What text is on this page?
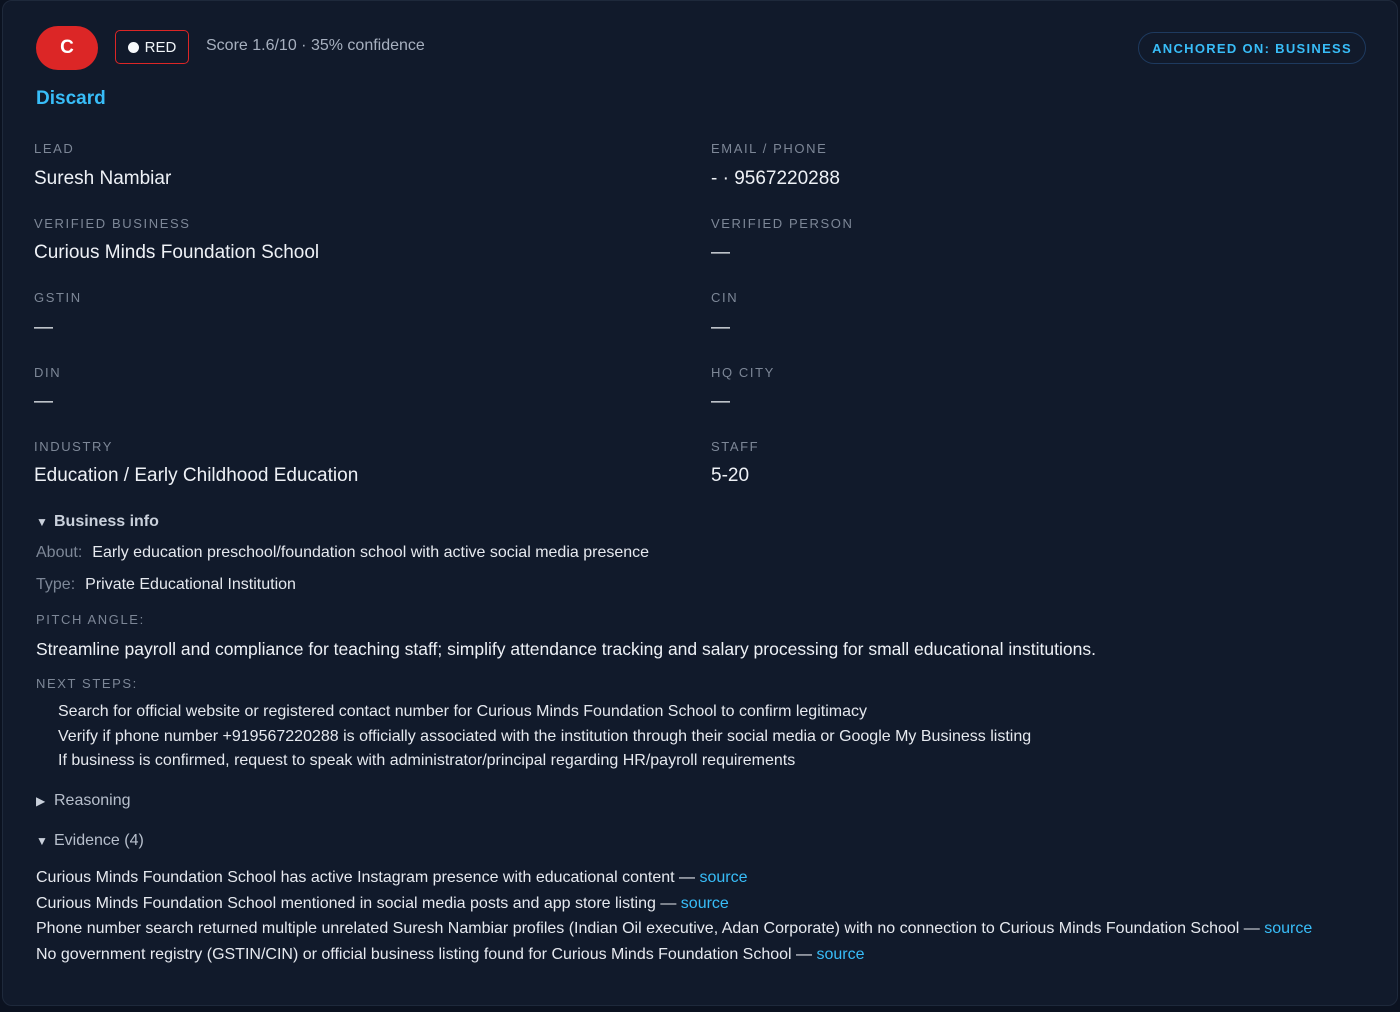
C	RED Score 1.6/10 · 35% confidence	ANCHORED ON: BUSINESS
Discard
LEAD
Suresh Nambiar
EMAIL / PHONE
- · 9567220288
VERIFIED BUSINESS
Curious Minds Foundation School
VERIFIED PERSON
—
GSTIN
—
CIN
—
DIN
—
HQ CITY
—
INDUSTRY
Education / Early Childhood Education
STAFF
5-20
▼ Business info
About: Early education preschool/foundation school with active social media presence
Type: Private Educational Institution
PITCH ANGLE:
Streamline payroll and compliance for teaching staff; simplify attendance tracking and salary processing for small educational institutions.
NEXT STEPS:
Search for official website or registered contact number for Curious Minds Foundation School to confirm legitimacy
Verify if phone number +919567220288 is officially associated with the institution through their social media or Google My Business listing
If business is confirmed, request to speak with administrator/principal regarding HR/payroll requirements
▶ Reasoning
▼ Evidence (4)
Curious Minds Foundation School has active Instagram presence with educational content — source
Curious Minds Foundation School mentioned in social media posts and app store listing — source
Phone number search returned multiple unrelated Suresh Nambiar profiles (Indian Oil executive, Adan Corporate) with no connection to Curious Minds Foundation School — source
No government registry (GSTIN/CIN) or official business listing found for Curious Minds Foundation School — source
